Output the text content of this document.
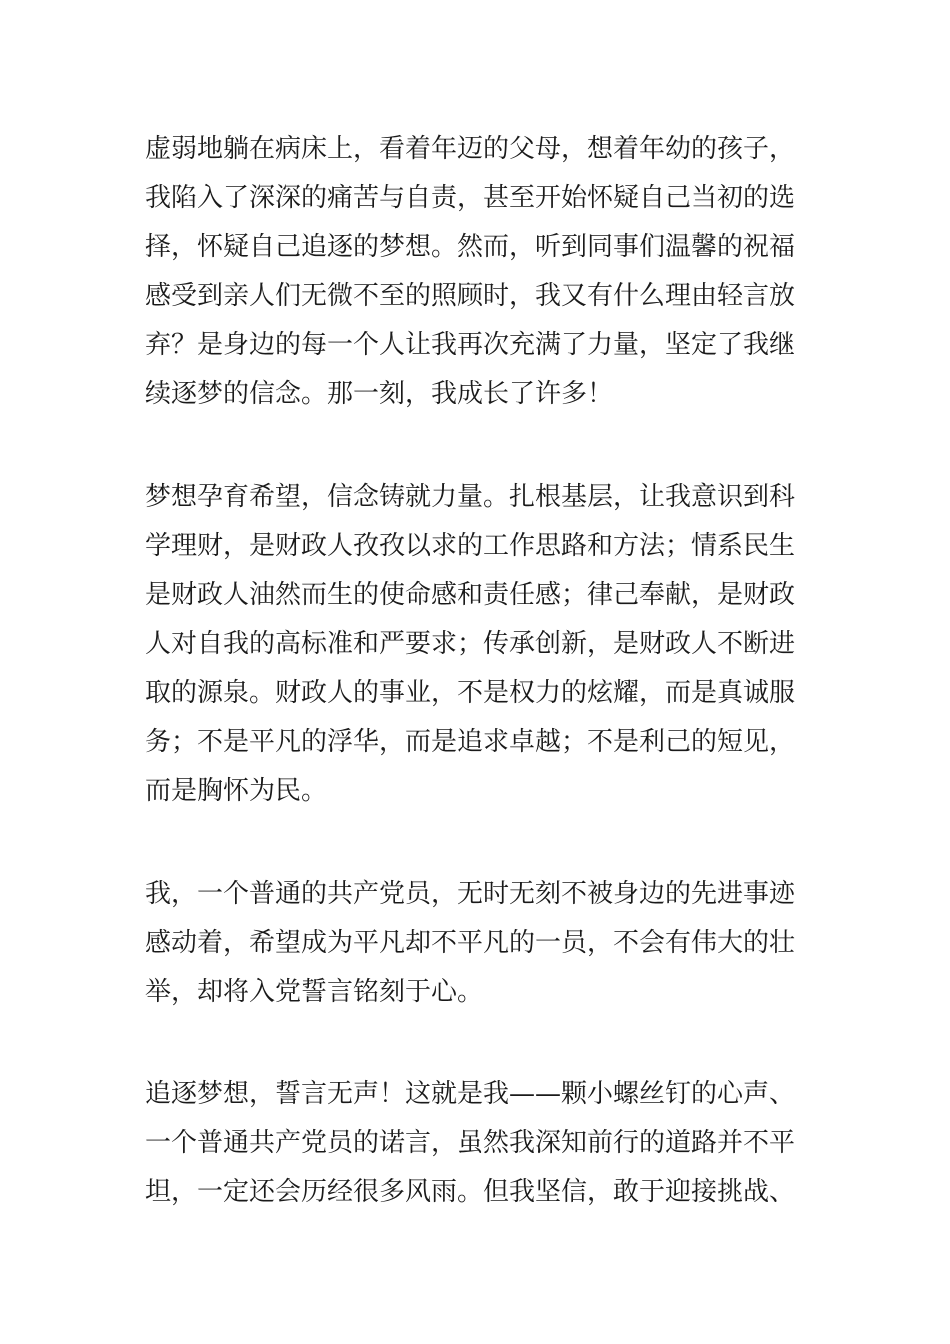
虚弱地躺在病床上，看着年迈的父母，想着年幼的孩子，
我陷入了深深的痛苦与自责，甚至开始怀疑自己当初的选
择，怀疑自己追逐的梦想。然而，听到同事们温馨的祝福
感受到亲人们无微不至的照顾时，我又有什么理由轻言放
弃？是身边的每一个人让我再次充满了力量，坚定了我继
续逐梦的信念。那一刻，我成长了许多！
梦想孕育希望，信念铸就力量。扎根基层，让我意识到科
学理财，是财政人孜孜以求的工作思路和方法；情系民生
是财政人油然而生的使命感和责任感；律己奉献，是财政
人对自我的高标准和严要求；传承创新，是财政人不断进
取的源泉。财政人的事业，不是权力的炫耀，而是真诚服
务；不是平凡的浮华，而是追求卓越；不是利己的短见，
而是胸怀为民。
我，一个普通的共产党员，无时无刻不被身边的先进事迹
感动着，希望成为平凡却不平凡的一员，不会有伟大的壮
举，却将入党誓言铭刻于心。
追逐梦想，誓言无声！这就是我——颗小螺丝钉的心声、
一个普通共产党员的诺言，虽然我深知前行的道路并不平
坦，一定还会历经很多风雨。但我坚信，敢于迎接挑战、
